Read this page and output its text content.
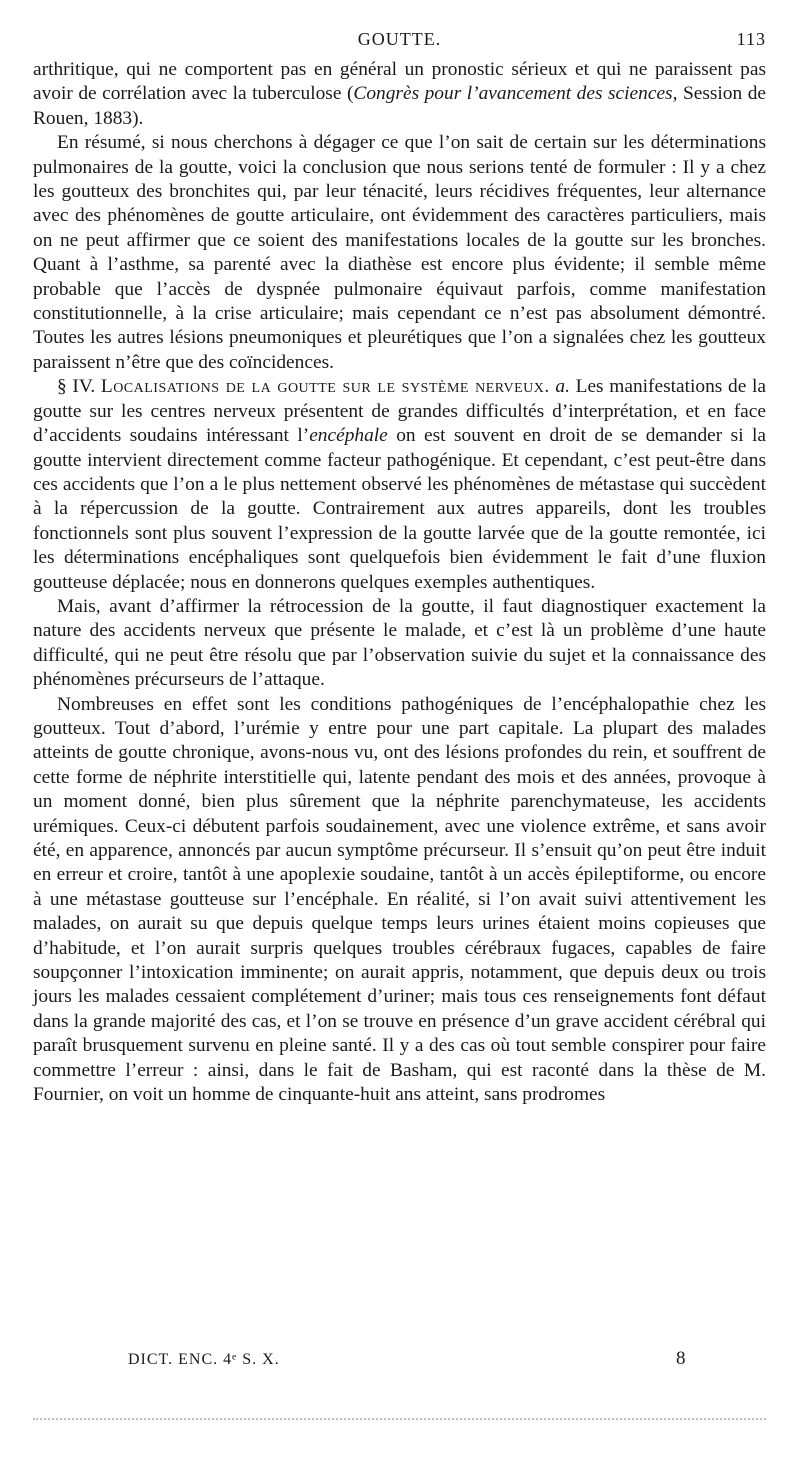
GOUTTE.	113

arthritique, qui ne comportent pas en général un pronostic sérieux et qui ne paraissent pas avoir de corrélation avec la tuberculose (Congrès pour l’avancement des sciences, Session de Rouen, 1883).

En résumé, si nous cherchons à dégager ce que l’on sait de certain sur les déterminations pulmonaires de la goutte, voici la conclusion que nous serions tenté de formuler : Il y a chez les goutteux des bronchites qui, par leur ténacité, leurs récidives fréquentes, leur alternance avec des phénomènes de goutte articulaire, ont évidemment des caractères particuliers, mais on ne peut affirmer que ce soient des manifestations locales de la goutte sur les bronches. Quant à l’asthme, sa parenté avec la diathèse est encore plus évidente; il semble même probable que l’accès de dyspnée pulmonaire équivaut parfois, comme manifestation constitutionnelle, à la crise articulaire; mais cependant ce n’est pas absolument démontré. Toutes les autres lésions pneumoniques et pleurétiques que l’on a signalées chez les goutteux paraissent n’être que des coïncidences.

§ IV. Localisations de la goutte sur le système nerveux. a. Les manifestations de la goutte sur les centres nerveux présentent de grandes difficultés d’interprétation, et en face d’accidents soudains intéressant l’encéphale on est souvent en droit de se demander si la goutte intervient directement comme facteur pathogénique. Et cependant, c’est peut-être dans ces accidents que l’on a le plus nettement observé les phénomènes de métastase qui succèdent à la répercussion de la goutte. Contrairement aux autres appareils, dont les troubles fonctionnels sont plus souvent l’expression de la goutte larvée que de la goutte remontée, ici les déterminations encéphaliques sont quelquefois bien évidemment le fait d’une fluxion goutteuse déplacée; nous en donnerons quelques exemples authentiques.

Mais, avant d’affirmer la rétrocession de la goutte, il faut diagnostiquer exactement la nature des accidents nerveux que présente le malade, et c’est là un problème d’une haute difficulté, qui ne peut être résolu que par l’observation suivie du sujet et la connaissance des phénomènes précurseurs de l’attaque.

Nombreuses en effet sont les conditions pathogéniques de l’encéphalopathie chez les goutteux. Tout d’abord, l’urémie y entre pour une part capitale. La plupart des malades atteints de goutte chronique, avons-nous vu, ont des lésions profondes du rein, et souffrent de cette forme de néphrite interstitielle qui, latente pendant des mois et des années, provoque à un moment donné, bien plus sûrement que la néphrite parenchymateuse, les accidents urémiques. Ceux-ci débutent parfois soudainement, avec une violence extrême, et sans avoir été, en apparence, annoncés par aucun symptôme précurseur. Il s’ensuit qu’on peut être induit en erreur et croire, tantôt à une apoplexie soudaine, tantôt à un accès épileptiforme, ou encore à une métastase goutteuse sur l’encéphale. En réalité, si l’on avait suivi attentivement les malades, on aurait su que depuis quelque temps leurs urines étaient moins copieuses que d’habitude, et l’on aurait surpris quelques troubles cérébraux fugaces, capables de faire soupçonner l’intoxication imminente; on aurait appris, notamment, que depuis deux ou trois jours les malades cessaient complétement d’uriner; mais tous ces renseignements font défaut dans la grande majorité des cas, et l’on se trouve en présence d’un grave accident cérébral qui paraît brusquement survenu en pleine santé. Il y a des cas où tout semble conspirer pour faire commettre l’erreur : ainsi, dans le fait de Basham, qui est raconté dans la thèse de M. Fournier, on voit un homme de cinquante-huit ans atteint, sans prodromes

DICT. ENC. 4ᵉ S. X.	8
